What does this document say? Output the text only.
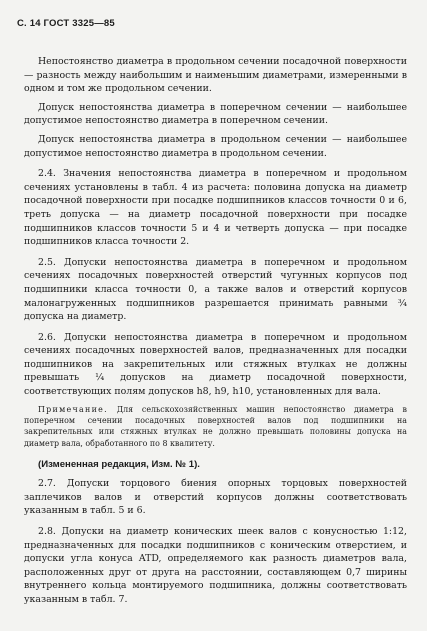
С. 14 ГОСТ 3325—85

Непостоянство диаметра в продольном сечении посадочной поверхности — разность между наибольшим и наименьшим диаметрами, измеренными в одном и том же продольном сечении.

Допуск непостоянства диаметра в поперечном сечении — наибольшее допустимое непостоянство диаметра в поперечном сечении.

Допуск непостоянства диаметра в продольном сечении — наибольшее допустимое непостоянство диаметра в продольном сечении.

2.4. Значения непостоянства диаметра в поперечном и продольном сечениях установлены в табл. 4 из расчета: половина допуска на диаметр посадочной поверхности при посадке подшипников классов точности 0 и 6, треть допуска — на диаметр посадочной поверхности при посадке подшипников классов точности 5 и 4 и четверть допуска — при посадке подшипников класса точности 2.

2.5. Допуски непостоянства диаметра в поперечном и продольном сечениях посадочных поверхностей отверстий чугунных корпусов под подшипники класса точности 0, а также валов и отверстий корпусов малонагруженных подшипников разрешается принимать равными ¾ допуска на диаметр.

2.6. Допуски непостоянства диаметра в поперечном и продольном сечениях посадочных поверхностей валов, предназначенных для посадки подшипников на закрепительных или стяжных втулках не должны превышать ¼ допусков на диаметр посадочной поверхности, соответствующих полям допусков h8, h9, h10, установленных для вала.

Примечание. Для сельскохозяйственных машин непостоянство диаметра в поперечном сечении посадочных поверхностей валов под подшипники на закрепительных или стяжных втулках не должно превышать половины допуска на диаметр вала, обработанного по 8 квалитету.

(Измененная редакция, Изм. № 1).

2.7. Допуски торцового биения опорных торцовых поверхностей заплечиков валов и отверстий корпусов должны соответствовать указанным в табл. 5 и 6.

2.8. Допуски на диаметр конических шеек валов с конусностью 1:12, предназначенных для посадки подшипников с коническим отверстием, и допуски угла конуса ATD, определяемого как разность диаметров вала, расположенных друг от друга на расстоянии, составляющем 0,7 ширины внутреннего кольца монтируемого подшипника, должны соответствовать указанным в табл. 7.
